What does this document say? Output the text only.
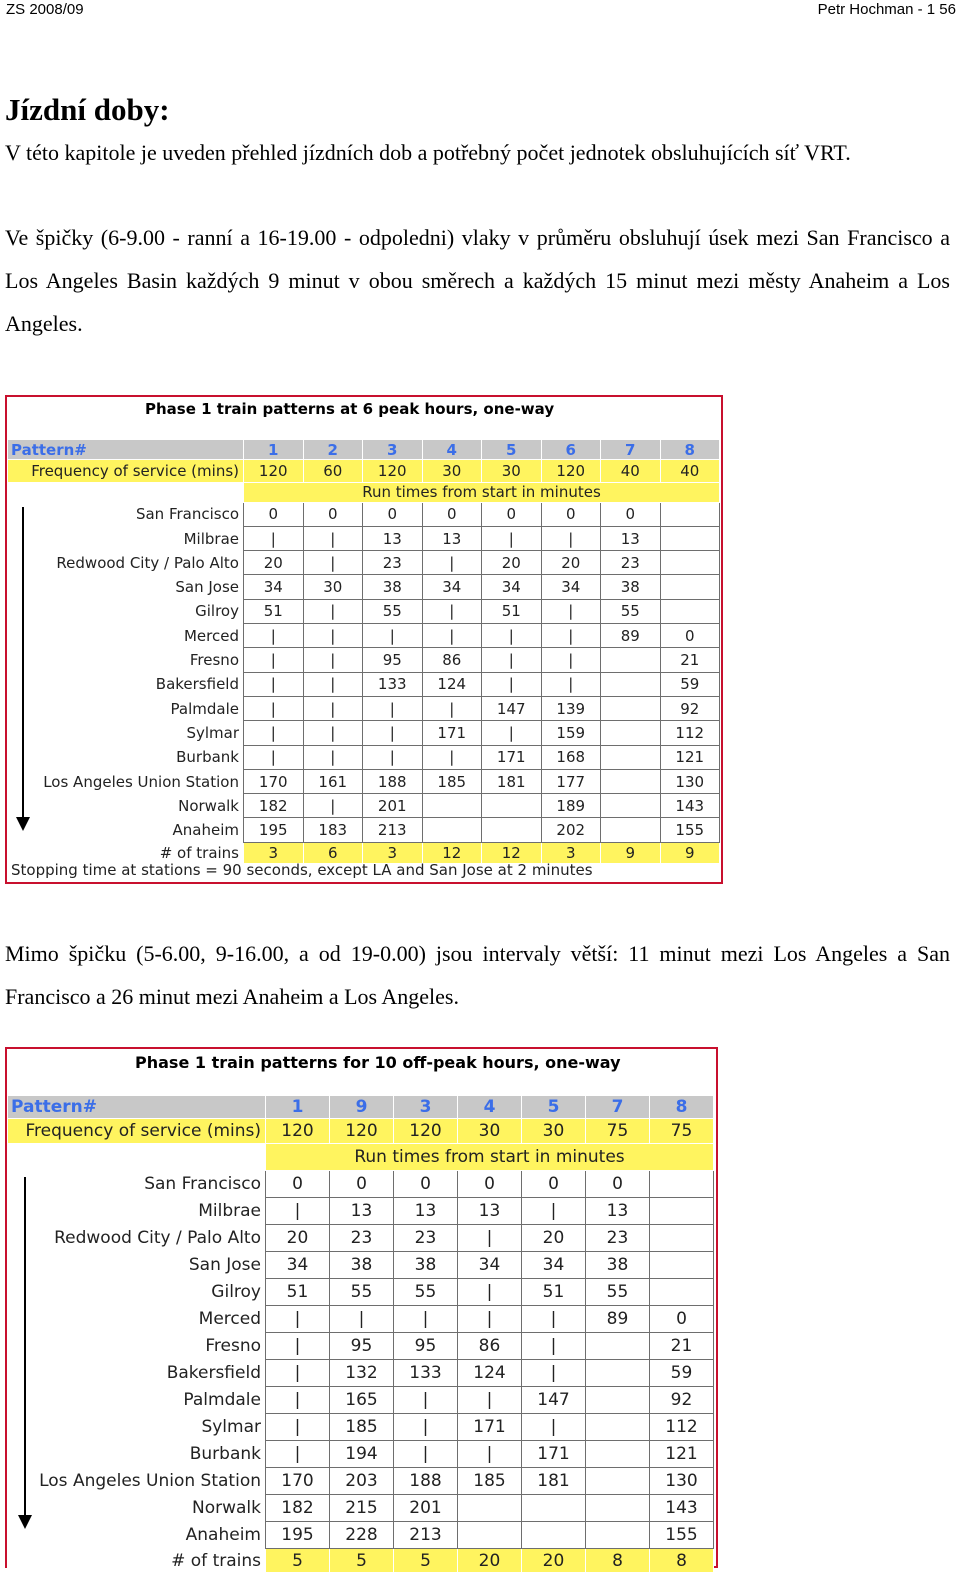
ZS 2008/09	Petr Hochman - 1 56
Jízdní doby:
V této kapitole je uveden přehled jízdních dob a potřebný počet jednotek obsluhujících síť VRT.
Ve špičky (6-9.00 - ranní a 16-19.00 - odpoledni) vlaky v průměru obsluhují úsek mezi San Francisco a Los Angeles Basin každých 9 minut v obou směrech a každých 15 minut mezi městy Anaheim a Los Angeles.
Phase 1 train patterns at 6 peak hours, one-way
Pattern#	1	2	3	4	5	6	7	8
Frequency of service (mins)	120	60	120	30	30	120	40	40
	Run times from start in minutes							
San Francisco	0	0	0	0	0	0	0	
Milbrae	|	|	13	13	|	|	13	
Redwood City / Palo Alto	20	|	23	|	20	20	23	
San Jose	34	30	38	34	34	34	38	
Gilroy	51	|	55	|	51	|	55	
Merced	|	|	|	|	|	|	89	0
Fresno	|	|	95	86	|	|		21
Bakersfield	|	|	133	124	|	|		59
Palmdale	|	|	|	|	147	139		92
Sylmar	|	|	|	171	|	159		112
Burbank	|	|	|	|	171	168		121
Los Angeles Union Station	170	161	188	185	181	177		130
Norwalk	182	|	201			189		143
Anaheim	195	183	213			202		155
# of trains	3	6	3	12	12	3	9	9
Stopping time at stations = 90 seconds, except LA and San Jose at 2 minutes
Mimo špičku (5-6.00, 9-16.00, a od 19-0.00) jsou intervaly větší: 11 minut mezi Los Angeles a San Francisco a 26 minut mezi Anaheim a Los Angeles.
Phase 1 train patterns for 10 off-peak hours, one-way
Pattern#	1	9	3	4	5	7	8
Frequency of service (mins)	120	120	120	30	30	75	75
	Run times from start in minutes						
San Francisco	0	0	0	0	0	0	
Milbrae	|	13	13	13	|	13	
Redwood City / Palo Alto	20	23	23	|	20	23	
San Jose	34	38	38	34	34	38	
Gilroy	51	55	55	|	51	55	
Merced	|	|	|	|	|	89	0
Fresno	|	95	95	86	|		21
Bakersfield	|	132	133	124	|		59
Palmdale	|	165	|	|	147		92
Sylmar	|	185	|	171	|		112
Burbank	|	194	|	|	171		121
Los Angeles Union Station	170	203	188	185	181		130
Norwalk	182	215	201				143
Anaheim	195	228	213				155
# of trains	5	5	5	20	20	8	8
